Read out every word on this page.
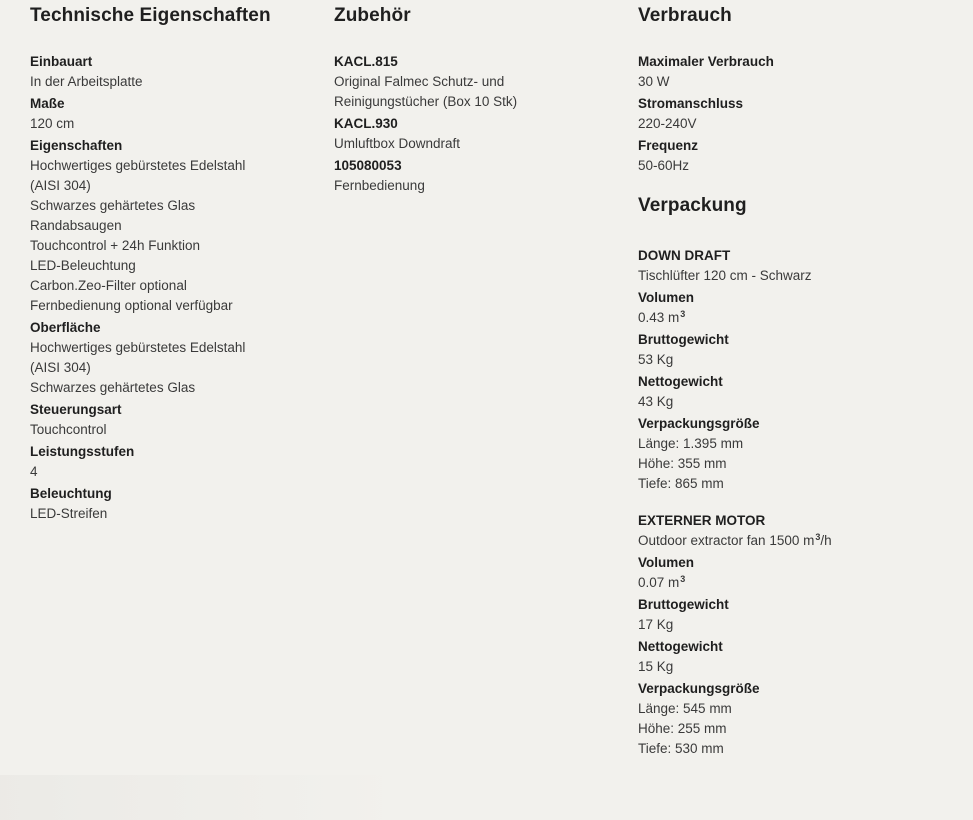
Technische Eigenschaften
Einbauart
In der Arbeitsplatte
Maße
120 cm
Eigenschaften
Hochwertiges gebürstetes Edelstahl
(AISI 304)
Schwarzes gehärtetes Glas
Randabsaugen
Touchcontrol + 24h Funktion
LED-Beleuchtung
Carbon.Zeo-Filter optional
Fernbedienung optional verfügbar
Oberfläche
Hochwertiges gebürstetes Edelstahl
(AISI 304)
Schwarzes gehärtetes Glas
Steuerungsart
Touchcontrol
Leistungsstufen
4
Beleuchtung
LED-Streifen
Zubehör
KACL.815
Original Falmec Schutz- und
Reinigungstücher (Box 10 Stk)
KACL.930
Umluftbox Downdraft
105080053
Fernbedienung
Verbrauch
Maximaler Verbrauch
30 W
Stromanschluss
220-240V
Frequenz
50-60Hz
Verpackung
DOWN DRAFT
Tischlüfter 120 cm - Schwarz
Volumen
0.43 $m^3$
Bruttogewicht
53 Kg
Nettogewicht
43 Kg
Verpackungsgröße
Länge: 1.395 mm
Höhe: 355 mm
Tiefe: 865 mm
EXTERNER MOTOR
Outdoor extractor fan 1500 $m^3/h$
Volumen
0.07 $m^3$
Bruttogewicht
17 Kg
Nettogewicht
15 Kg
Verpackungsgröße
Länge: 545 mm
Höhe: 255 mm
Tiefe: 530 mm
